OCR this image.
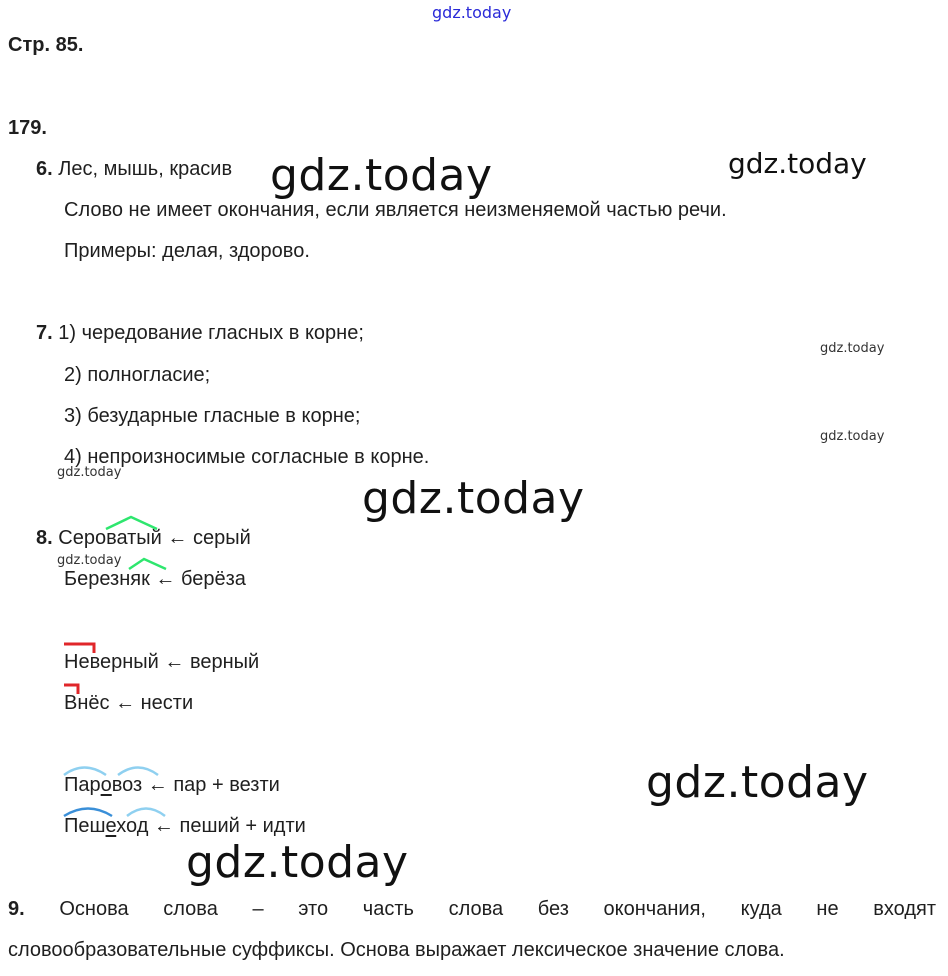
gdz.today
Стр. 85.
179.
6. Лес, мышь, красив
Слово не имеет окончания, если является неизменяемой частью речи.
Примеры: делая, здорово.
7. 1) чередование гласных в корне;
2) полногласие;
3) безударные гласные в корне;
4) непроизносимые согласные в корне.
8. Сероватый ← серый
Березняк ← берёза
Неверный ← верный
Внёс ← нести
Паровоз ← пар + везти
Пешеход ← пеший + идти
9. Основа слова – это часть слова без окончания, куда не входят
словообразовательные суффиксы. Основа выражает лексическое значение слова.
gdz.today	gdz.today
gdz.today
gdz.today
gdz.today
gdz.today
gdz.today
gdz.today
gdz.today
